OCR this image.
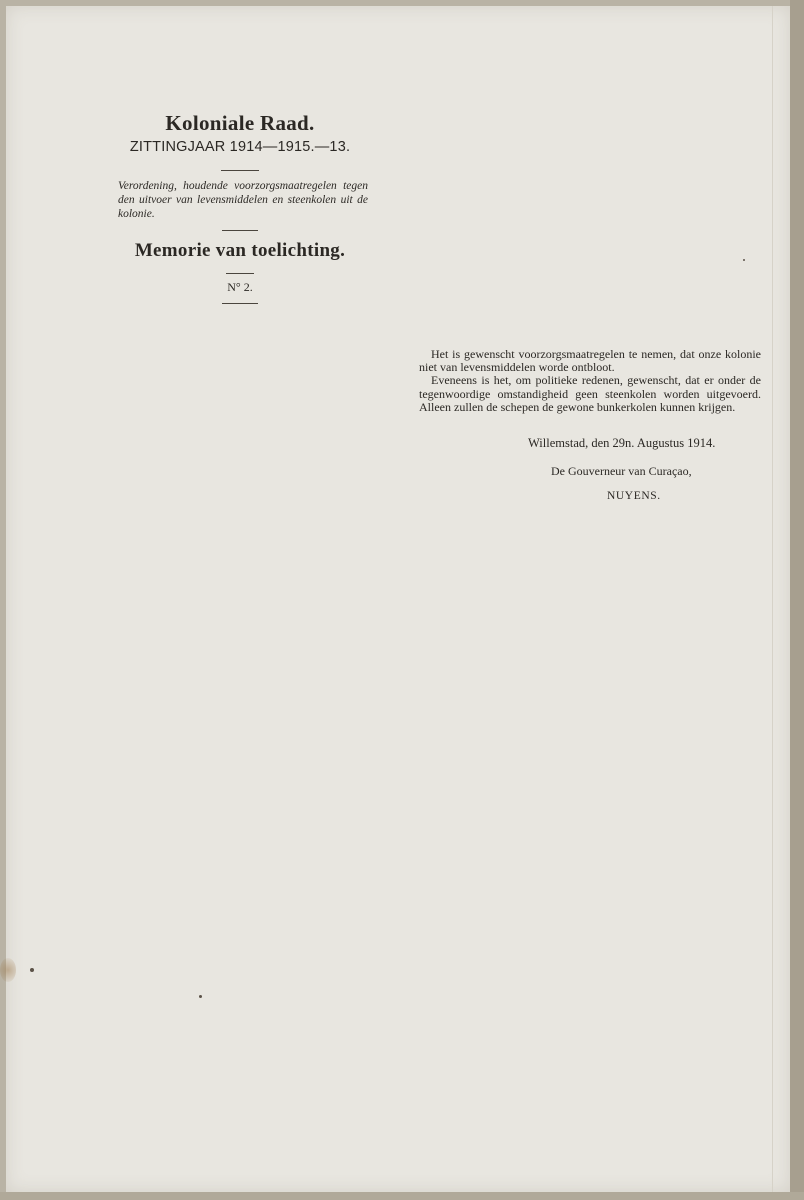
Koloniale Raad.
ZITTINGJAAR 1914—1915.—13.
Verordening, houdende voorzorgsmaatregelen tegen den uitvoer van levensmiddelen en steenkolen uit de kolonie.
Memorie van toelichting.
N° 2.

Het is gewenscht voorzorgsmaatregelen te nemen, dat onze kolonie niet van levensmiddelen worde ontbloot.

Eveneens is het, om politieke redenen, gewenscht, dat er onder de tegenwoordige omstandigheid geen steenkolen worden uitgevoerd. Alleen zullen de schepen de gewone bunkerkolen kunnen krijgen.

Willemstad, den 29n. Augustus 1914.
De Gouverneur van Curaçao,
NUYENS.
